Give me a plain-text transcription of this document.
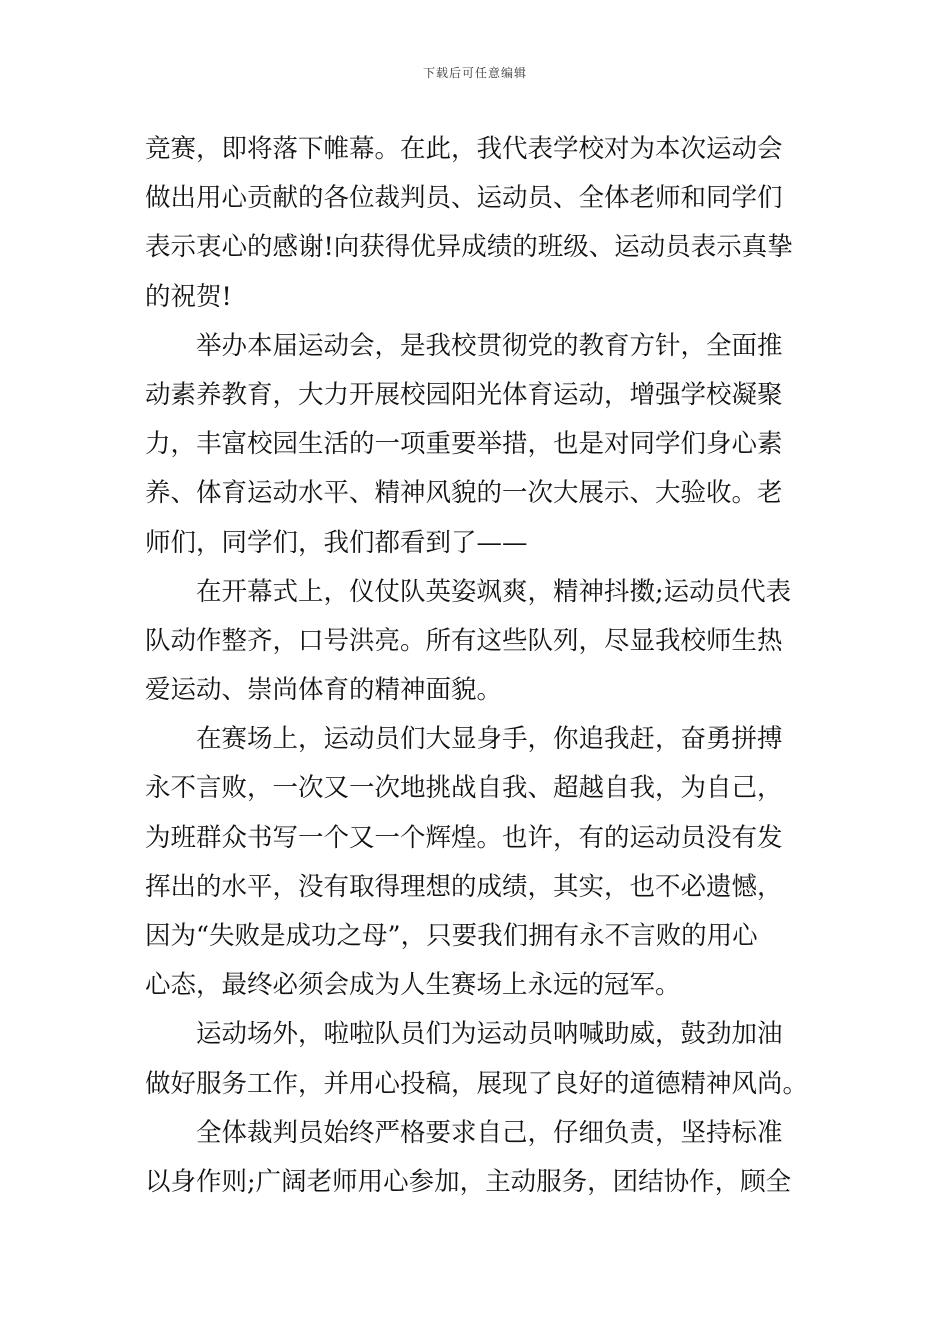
下载后可任意编辑
竞赛，即将落下帷幕。在此，我代表学校对为本次运动会
做出用心贡献的各位裁判员、运动员、全体老师和同学们
表示衷心的感谢!向获得优异成绩的班级、运动员表示真挚
的祝贺!
举办本届运动会，是我校贯彻党的教育方针，全面推
动素养教育，大力开展校园阳光体育运动，增强学校凝聚
力，丰富校园生活的一项重要举措，也是对同学们身心素
养、体育运动水平、精神风貌的一次大展示、大验收。老
师们，同学们，我们都看到了——
在开幕式上，仪仗队英姿飒爽，精神抖擞;运动员代表
队动作整齐，口号洪亮。所有这些队列，尽显我校师生热
爱运动、崇尚体育的精神面貌。
在赛场上，运动员们大显身手，你追我赶，奋勇拼搏
永不言败，一次又一次地挑战自我、超越自我，为自己，
为班群众书写一个又一个辉煌。也许，有的运动员没有发
挥出的水平，没有取得理想的成绩，其实，也不必遗憾，
因为“失败是成功之母”，只要我们拥有永不言败的用心
心态，最终必须会成为人生赛场上永远的冠军。
运动场外，啦啦队员们为运动员呐喊助威，鼓劲加油
做好服务工作，并用心投稿，展现了良好的道德精神风尚。
全体裁判员始终严格要求自己，仔细负责，坚持标准
以身作则;广阔老师用心参加，主动服务，团结协作，顾全
